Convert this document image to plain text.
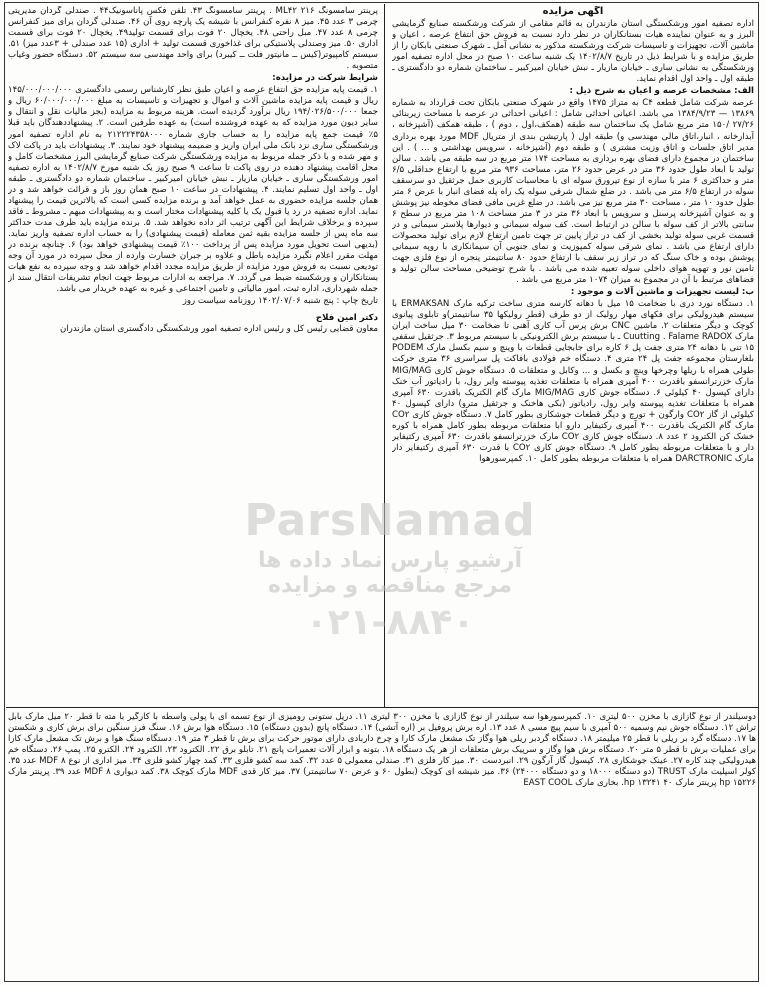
آگهی مزایده

اداره تصفیه امور ورشکستگی استان مازندران به قائم مقامی از شرکت ورشکسته صنایع گرمایشی البرز و به عنوان نماینده هیات بستانکاران در نظر دارد نسبت به فروش حق انتفاع عرصه ، اعیان و ماشین آلات، تجهیزات و تاسیسات شرکت ورشکسته مذکور به نشانی آمل ـ شهرک صنعتی بابکان را از طریق مزایده و با شرایط ذیل در تاریخ ۱۴۰۲/۸/۷ یک شنبه ساعت ۱۰ صبح در محل اداره تصفیه امور ورشکستگی به نشانی ساری ـ خیابان مازیار ـ نبش خیابان امیرکبیر ـ ساختمان شماره دو دادگستری ـ طبقه اول ـ واحد اول اقدام نماید.

الف: مشخصات عرصه و اعیان به شرح ذیل :

عرصه شرکت شامل قطعه C۴ به متراژ ۱۴۷۵ واقع در شهرک صنعتی بابکان تحت قرارداد به شماره ۱۳۸۶۹ — ۱۳۸۴/۹/۲۳ می باشد. اعیانی احداثی شامل : اعیانی احداثی در عرصه با مساحت زیربنائی ۲۷/۲۶ /۱۵۰ متر مربع شامل یک ساختمان سه طبقه (همکف،اول ، دوم ) ، طبقه همکف (آشپزخانه ، آبدارخانه ، انبار،اتاق مالی مهندسی و) طبقه اول ( پارتیشن بندی از متریال MDF مورد بهره برداری مدیر اتاق جلسات و اتاق وزیت مشتری ) و طبقه دوم (آشپزخانه ، سرویس بهداشتی و ... ) . این ساختمان در مجموع دارای فضای بهره برداری به مساحت ۱۷۴ متر مربع در سه طبقه می باشد . سالن تولید با ابعاد طول حدود ۳۶ متر در عرض حدود ۲۶ متر، مساحت ۹۳۶ متر مربع با ارتفاع حداقلی ۶/۵ متر و حداکثری ۶ متر با سازه از نوع تیرورق سوله ای با محاسبات کاربری حمل جرثقیل دو سرسقف سوله در ارتفاع ۶/۵ متر می باشد . در ضلع شمال شرقی سوله یک راه پله فضای انبار با عرض ۶ متر طول حدود ۱۰ متر ، مساحت ۳۰ متر مربع نیز می باشد. در ضلع غربی مافی فضای مخوطه نیز پوشش و به عنوان آشپزخانه پرسنل و سرویس با ابعاد ۳۶ متر در ۳ متر مساحت ۱۰۸ متر مربع در سطح ۶ سانتی بالاتر از کف سوله با سالن در ارتباط است. کف سوله سیمانی و دیوارها پلاستر سیمانی و در قسمت غربی سوله تولید بخشی از کف در تراز پایین تر جهت تامین ارتفاع لازم برای تولید محصولات دارای ارتفاع می باشد . نمای شرقی سوله کمپوزیت و نمای جنوبی آن سیمانکاری با روپه سیمانی پوشش بوده و خاک سنگ که در تراز زیر سقف با ارتفاع حدود ۸۰ سانتیمتر پنجره از نوع فلزی جهت تامین نور و تهویه هوای داخلی سوله تعبیه شده می باشد . با شرح توضیحی مساحت سالن تولید و فضاهای مرتبط با آن در مجموع به میزان ۱۰۷۴ متر مربع می باشد .

ب: لیست تجهیزات و ماشین آلات و موجود :

۱. دستگاه نورد دری با ضخامت ۱۵ میل با دهانه کارسه متری ساخت ترکیه مارک ERMAKSAN با سیستم هیدرولیکی برای فکهای مهار رولیک از دو طرف (قطر رولیکها ۳۵ سانتیمتر)و تابلوی پیانوی کوچک و دیگر متعلقات ۲. ماشین CNC برش پرس آب کاری آهنی تا ضخامت ۳۰ میل ساخت ایران مارک Cuutting . Falame RADOX ـ با سیستم برش الکترونیکی با سیستم مربوط ۳. جرثقیل سقفی ۱۵ تنی با دهانه ۲۴ متری جفت پل ۶ کاره برای جابجایی قطعات با وینچ و سیم بکسل مارک PODEM بلغارستان مجموعه جفت پل ۲۴ متری ۴. دستگاه خم فولادی بافاکت پل سراسری ۳۶ متری حرکت طولی همراه با ریلها وچرخها وینچ و بکسل و ... وکابل و متعلقات ۵. دستگاه جوش کاری MIG/MAG مارک خزرترانسفو باقدرت ۴۰۰ آمپری همراه با متعلقات تغذیه پیوسته وایر رول، با رادیاتور آب خنک دارای کپسول ۴۰ کیلوئی ۶. دستگاه جوش کاری MIG/MAG مارک گام الکتریک باقدرت ۶۳۰ آمپری همراه با متعلقات تغذیه پیوسته وایر رول، رادیاتور (بکی هاخنک و جرثقیل مترو) دارای کپسول ۴۰ کیلوئی از گاز CO۲ وارگون + تورچ و دیگر قطعات جوشکاری بطور کامل ۷. دستگاه جوش کاری CO۲ مارک گام الکتریک باقدرت ۴۰۰ آمپری رکتیفایر دارو ابا متعلقات مربوطه بطور کامل همراه با کوره خشک کن الکترود ۲ عدد ۸. دستگاه جوش کاری CO۲ مارک خزرترانسفو باقدرت ۶۳۰ آمپری رکتیفایر دار و با متعلقات مربوطه بطور کامل ۹. دستگاه جوش کاری CO۲ با قدرت ۶۳۰ آمپری رکتیفایر دار مارک DARCTRONIC همراه با متعلقات مربوطه بطور کامل ۱۰. کمپرسورهوا

پرینتر سامسونگ ۲۱۶ ML۴۲ . پرینتر سامسونگ ۴۳. تلفن فکس پاناسونیک۴۴ . صندلی گردان مدیریتی چرمی ۳ عدد ۴۵. میز ۸ نفره کنفرانس با شیشه یک پارچه روی آن ۴۶. صندلی گردان برای میز کنفرانس چرمی ۸ عدد ۴۷. مبل راحتی ۴۸. یخچال ۲۰ فوت برای قسمت تولید۴۹. یخچال ۲۰ فوت برای قسمت اداری ۵۰. میز وصندلی پلاستیکی برای غذاخوری قسمت تولید + اداری (۱۵ عدد صندلی + ۳عدد میز) ۵۱. سیستم کامپیوتر(کیس ــ مانیتور فلت ــ کیبرد) برای واحد مهندسی سه سیستم ۵۲. دستگاه حضور وغیاب متصوبه .

شرایط شرکت در مزایده:

۱. قیمت پایه مزایده حق انتفاع عرصه و اعیان طبق نظر کارشناس رسمی دادگستری ۱۴۵/۰۰۰/۰۰۰/۰۰۰ ریال و قیمت پایه مزایده ماشین آلات و اموال و تجهیزات و تاسیسات به مبلغ ۶۰/۰۰۰/۰۰۰/۰۰۰ ریال و جمعا ۱۹۴/۰۲۶/۵۰۰/۰۰۰ ریال برآورد گردیده است. هزینه مربوط به مزایده (بجز مالیات نقل و انتقال و سایر دیون مورد مزایده که به عهده فروشنده است) به عهده طرفین است. ۲. پیشنهاددهندگان باید قبلا ۵٪ قیمت جمع پایه مزایده را به حساب جاری شماره ۲۱۲۲۲۴۳۵۸۰۰۰ به نام اداره تصفیه امور ورشکستگی ساری نزد بانک ملی ایران واریز و ضمیمه پیشنهاد خود نمایند. ۳. پیشنهادات باید در پاکت لاک و مهر شده و با ذکر جمله مربوط به مزایده ورشکستگی شرکت صنایع گرمایشی البرز مشخصات کامل و محل اقامت پیشنهاد دهنده در روی پاکت تا ساعت ۹ صبح روز یک شنبه مورخ ۱۴۰۲/۸/۷ به اداره تصفیه امور ورشکستگی ساری ـ خیابان مازیار ـ نبش خیابان امیرکبیر ـ ساختمان شماره دو دادگستری ـ طبقه اول ـ واحد اول تسلیم نمایند. ۴. پیشنهادات در ساعت ۱۰ صبح همان روز باز و قرائت خواهد شد و در همان جلسه مزایده حضوری به عمل خواهد آمد و برنده مزایده کسی است که بالاترین قیمت را پیشنهاد نماید. اداره تصفیه در رد یا قبول یک یا کلیه پیشنهادات مختار است و به پیشنهادات مبهم ـ مشروط ـ فاقد سپرده و برخلاف شرایط این آگهی ترتیب اثر داده نخواهد شد. ۵. برنده مزایده باید ظرف مدت حداکثر سه ماه پس از جلسه مزایده بقیه ثمن معامله (قیمت پیشنهادی) را به حساب اداره تصفیه واریز نماید. (بدیهی است تحویل مورد مزایده پس از پرداخت ۱۰۰٪ قیمت پیشنهادی خواهد بود) ۶. چنانچه برنده در مهلت مقرر اعلام نگیرد مزایده باطل و علاوه بر جبران خسارت وارده از محل سپرده در مورد آن وجه تودیعی نسبت به فروش مورد مزایده از طریق مزایده مجدد اقدام خواهد شد و وجه سپرده به نفع هیات بستانکاران و ورشکسته ضبط می گردد. ۷. مراجعه به ادارات مربوط جهت انجام تشریفات انتقال سند از جمله شهرداری، اداره ثبت، امور مالیاتی و تامین اجتماعی و غیره به عهده خریدار می باشد.

تاریخ چاپ : پنج شنبه ۱۴۰۲/۰۷/۰۶ روزنامه سیاست روز

دکتر امین فلاح
معاون قضایی رئیس کل و رئیس اداره تصفیه امور ورشکستگی دادگستری استان مازندران

دوسیلندر از نوع گازازی با مخزن ۵۰۰ لیتری ۱۰. کمپرسورهوا سه سیلندر از نوع گازازی با مخزن ۳۰۰ لیتری ۱۱. دریل ستونی رومیزی از نوع تسمه ای با پولی واسطه با کارگیر با مته تا قطر ۲۰ میل مارک بابل تراش ۱۲. دستگاه جوش نیم وسمیه ۵۰۰ آمپری با سیم پیچ مسی ۸ عدد ۱۳. اره برش پروفیل بر (اره آتشی) ۱۴. دستگاه پانچ (بدون دستگاه) ۱۵. دستگاه هوا برش ۱۶. سنگ فرز سنگین برای برش کاری و شکستن ها ۱۷. دستگاه گرد بر ریلی با قطر ۲۵ میلیمتر ۱۸. دستگاه گردبر ریلی هوا وگاز تک مشعل مارک کارا و چرخ داربادی دارای موتور حرکت برای برش تا قطر ۳ متر ۱۹. دستگاه سنگ هوا و برش تک مشعل مارک کارا برای عملیات برش تا قطر ۵ متر ۲۰. دستگاه برش هوا وگاز و سرپیک برش متعلقات از هر یک دستگاه ۱۸. بتونه و ابزار آلات تعمیرات پانچ ۲۱. تابلو برق ۲۲. الکترود ۲۳. الکترود ۲۴. الکترو ۲۵. پمپ ۲۶. دستگاه خم هیدرولیکی چند کاره ۲۷. عینک جوشکاری ۲۸. کپسول گاز آرگون ۲۹. انبردست ۳۰. میز کار فلزی ۳۱. صندلی معمولی ۵ عدد ۳۲. کمد سه کشو فلزی ۳۳. کمد چهار کشو فلزی ۳۴. میز اداری از نوع MDF ۸ عدد ۳۵. کولر اسپلیت مارک TRUST (دو دستگاه ۱۸۰۰۰ و دو دستگاه ۲۴۰۰۰) ۳۶. میز شیشه ای کوچک (بطول ۶۰ و عرض ۷۰ سانتیمتر) ۳۷. میز کار قدی MDF مارک کوچک ۳۸. کمد دیواری MDF ۸ عدد ۳۹. پرینتر مارک hp ۱۵۲۲۶ پرینتر مارک hp ۱۳۲۴۱ ۴۰. بخاری مارک EAST COOL

ParsNamad
آرشیو پارس نماد داده ها
مرجع مناقصه و مزایده
۰۲۱-۸۸۴۰
